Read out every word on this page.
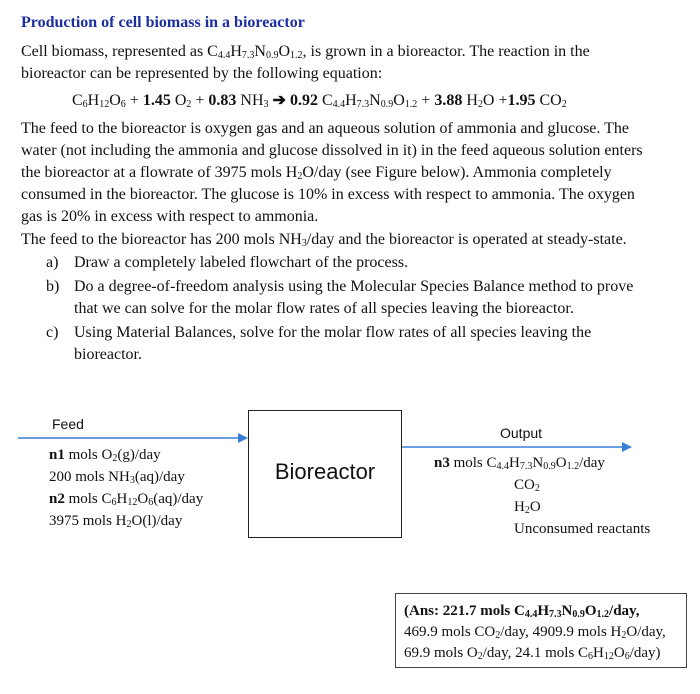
Production of cell biomass in a bioreactor
Cell biomass, represented as $C_{4.4}H_{7.3}N_{0.9}O_{1.2}$, is grown in a bioreactor. The reaction in the
bioreactor can be represented by the following equation:
$C_6H_{12}O_6 + 1.45$ $O_2 + 0.83$ $NH_3$ ➔ 0.92 $C_{4.4}H_{7.3}N_{0.9}O_{1.2} + 3.88$ $H_2O +1.95$ $CO_2$
The feed to the bioreactor is oxygen gas and an aqueous solution of ammonia and glucose. The
water (not including the ammonia and glucose dissolved in it) in the feed aqueous solution enters
the bioreactor at a flowrate of 3975 mols $H_2O$/day (see Figure below). Ammonia completely
consumed in the bioreactor. The glucose is 10% in excess with respect to ammonia. The oxygen
gas is 20% in excess with respect to ammonia.
The feed to the bioreactor has 200 mols $NH_3$/day and the bioreactor is operated at steady-state.
a) Draw a completely labeled flowchart of the process.
b) Do a degree-of-freedom analysis using the Molecular Species Balance method to prove
that we can solve for the molar flow rates of all species leaving the bioreactor.
c) Using Material Balances, solve for the molar flow rates of all species leaving the
bioreactor.
Feed
n1 mols $O_2(g)$/day
200 mols $NH_3(aq)$/day
n2 mols $C_6H_{12}O_6(aq)$/day
3975 mols $H_2O(l)$/day
Bioreactor
Output
n3 mols $C_{4.4}H_{7.3}N_{0.9}O_{1.2}$/day
$CO_2$
$H_2O$
Unconsumed reactants
(Ans: 221.7 mols $C_{4.4}H_{7.3}N_{0.9}O_{1.2}$/day,
469.9 mols $CO_2$/day, 4909.9 mols $H_2O$/day,
69.9 mols $O_2$/day, 24.1 mols $C_6H_{12}O_6/day$)
